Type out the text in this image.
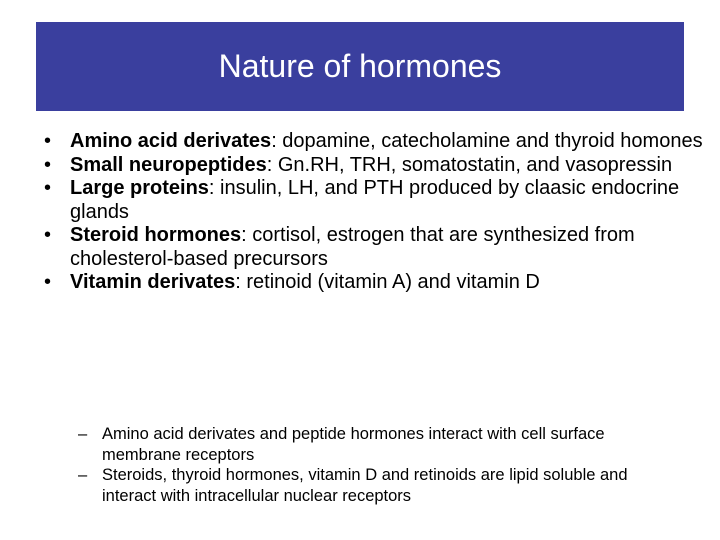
Nature of hormones
• Amino acid derivates: dopamine, catecholamine and thyroid homones
• Small neuropeptides: Gn.RH, TRH, somatostatin, and vasopressin
• Large proteins: insulin, LH, and PTH produced by claasic endocrine glands
• Steroid hormones: cortisol, estrogen that are synthesized from cholesterol-based precursors
• Vitamin derivates: retinoid (vitamin A) and vitamin D
– Amino acid derivates and peptide hormones interact with cell surface membrane receptors
– Steroids, thyroid hormones, vitamin D and retinoids are lipid soluble and interact with intracellular nuclear receptors
